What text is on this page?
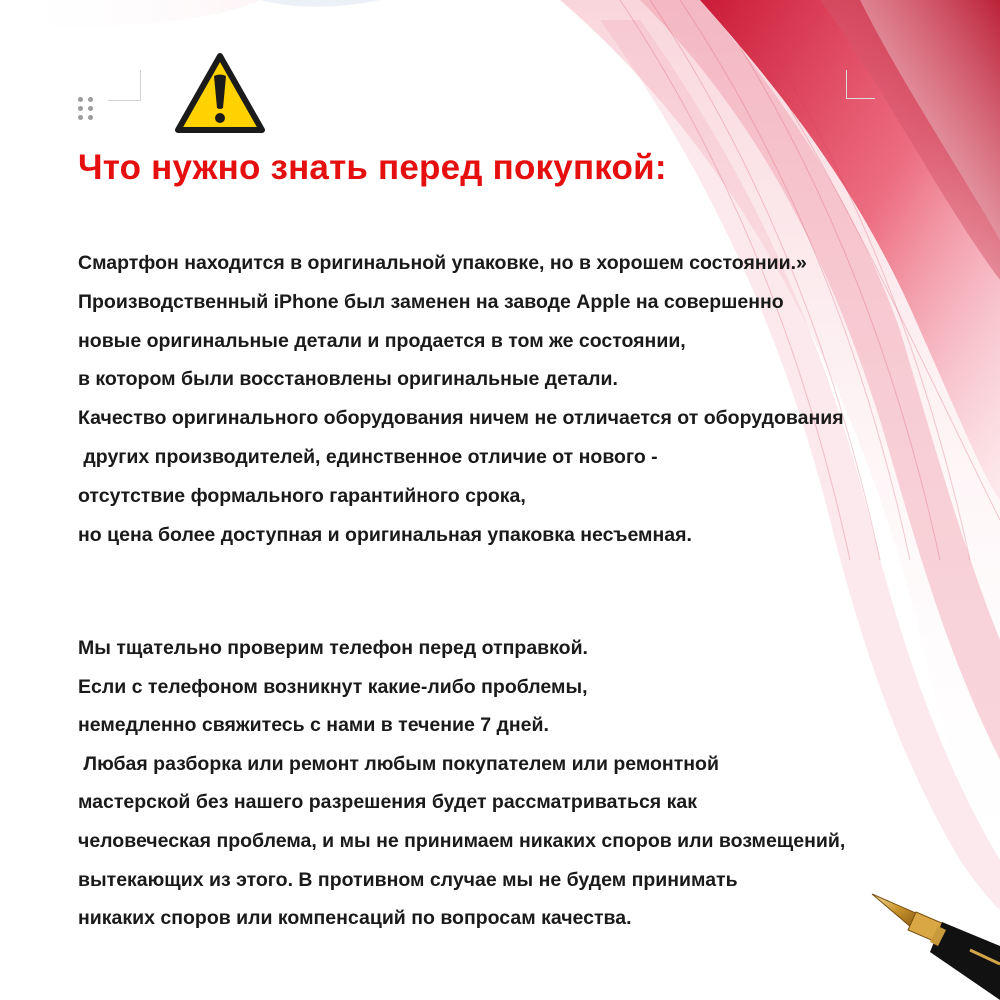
Что нужно знать перед покупкой:
Смартфон находится в оригинальной упаковке, но в хорошем состоянии.»
Производственный iPhone был заменен на заводе Apple на совершенно
новые оригинальные детали и продается в том же состоянии,
в котором были восстановлены оригинальные детали.
Качество оригинального оборудования ничем не отличается от оборудования
других производителей, единственное отличие от нового -
отсутствие формального гарантийного срока,
но цена более доступная и оригинальная упаковка несъемная.
Мы тщательно проверим телефон перед отправкой.
Если с телефоном возникнут какие-либо проблемы,
немедленно свяжитесь с нами в течение 7 дней.
Любая разборка или ремонт любым покупателем или ремонтной
мастерской без нашего разрешения будет рассматриваться как
человеческая проблема, и мы не принимаем никаких споров или возмещений,
вытекающих из этого. В противном случае мы не будем принимать
никаких споров или компенсаций по вопросам качества.
